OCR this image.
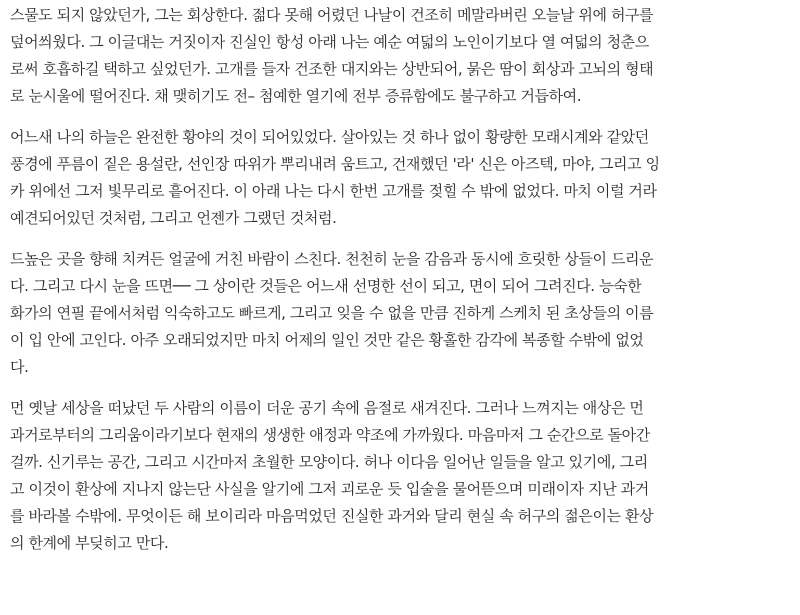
스물도 되지 않았던가, 그는 회상한다. 젊다 못해 어렸던 나날이 건조히 메말라버린 오늘날 위에 허구를
덮어씌웠다. 그 이글대는 거짓이자 진실인 항성 아래 나는 예순 여덟의 노인이기보다 열 여덟의 청춘으
로써 호흡하길 택하고 싶었던가. 고개를 들자 건조한 대지와는 상반되어, 묽은 땀이 회상과 고뇌의 형태
로 눈시울에 떨어진다. 채 맺히기도 전– 첨예한 열기에 전부 증류함에도 불구하고 거듭하여.
어느새 나의 하늘은 완전한 황야의 것이 되어있었다. 살아있는 것 하나 없이 황량한 모래시계와 같았던
풍경에 푸름이 짙은 용설란, 선인장 따위가 뿌리내려 움트고, 건재했던 '라' 신은 아즈텍, 마야, 그리고 잉
카 위에선 그저 빛무리로 흩어진다. 이 아래 나는 다시 한번 고개를 젖힐 수 밖에 없었다. 마치 이럴 거라
예견되어있던 것처럼, 그리고 언젠가 그랬던 것처럼.
드높은 곳을 향해 치켜든 얼굴에 거친 바람이 스친다. 천천히 눈을 감음과 동시에 흐릿한 상들이 드리운
다. 그리고 다시 눈을 뜨면── 그 상이란 것들은 어느새 선명한 선이 되고, 면이 되어 그려진다. 능숙한
화가의 연필 끝에서처럼 익숙하고도 빠르게, 그리고 잊을 수 없을 만큼 진하게 스케치 된 초상들의 이름
이 입 안에 고인다. 아주 오래되었지만 마치 어제의 일인 것만 같은 황홀한 감각에 복종할 수밖에 없었
다.
먼 옛날 세상을 떠났던 두 사람의 이름이 더운 공기 속에 음절로 새겨진다. 그러나 느껴지는 애상은 먼
과거로부터의 그리움이라기보다 현재의 생생한 애정과 약조에 가까웠다. 마음마저 그 순간으로 돌아간
걸까. 신기루는 공간, 그리고 시간마저 초월한 모양이다. 허나 이다음 일어난 일들을 알고 있기에, 그리
고 이것이 환상에 지나지 않는단 사실을 알기에 그저 괴로운 듯 입술을 물어뜯으며 미래이자 지난 과거
를 바라볼 수밖에. 무엇이든 해 보이리라 마음먹었던 진실한 과거와 달리 현실 속 허구의 젊은이는 환상
의 한계에 부딪히고 만다.
